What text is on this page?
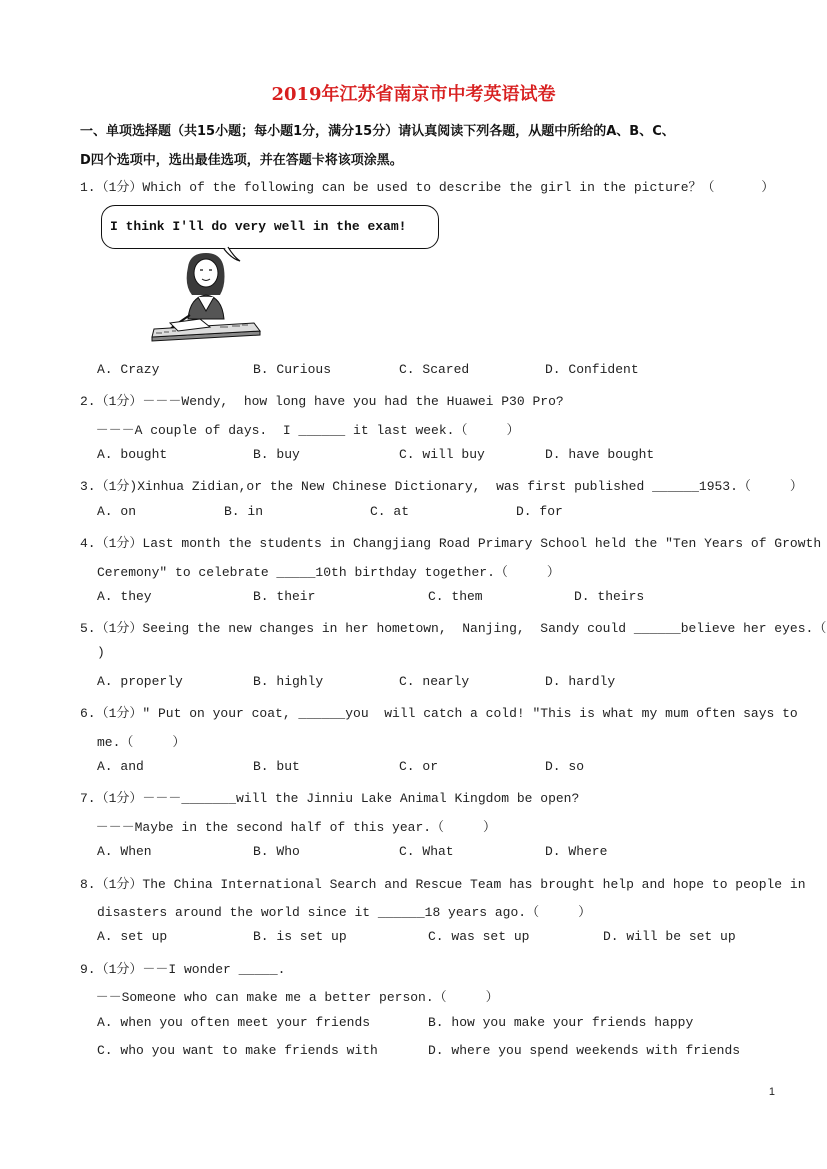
2019年江苏省南京市中考英语试卷
一、单项选择题（共15小题；每小题1分，满分15分）请认真阅读下列各题，从题中所给的A、B、C、
D四个选项中，选出最佳选项，并在答题卡将该项涂黑。
1.（1分）Which of the following can be used to describe the girl in the picture？（      ）
I think I'll do very well in the exam!
A. Crazy	B. Curious	C. Scared	D. Confident
2.（1分）－－－Wendy,  how long have you had the Huawei P30 Pro?
－－－A couple of days.  I ______ it last week.（     ）
A. bought	B. buy	C. will buy	D. have bought
3.（1分)Xinhua Zidian,or the New Chinese Dictionary,  was first published ______1953.（     ）
A. on	B. in	C. at	D. for
4.（1分）Last month the students in Changjiang Road Primary School held the "Ten Years of Growth
Ceremony" to celebrate _____10th birthday together.（     ）
A. they	B. their	C. them	D. theirs
5.（1分）Seeing the new changes in her hometown,  Nanjing,  Sandy could ______believe her eyes.（
)
A. properly	B. highly	C. nearly	D. hardly
6.（1分）" Put on your coat, ______you  will catch a cold! "This is what my mum often says to
me.（     ）
A. and	B. but	C. or	D. so
7.（1分）－－－_______will the Jinniu Lake Animal Kingdom be open?
－－－Maybe in the second half of this year.（     ）
A. When	B. Who	C. What	D. Where
8.（1分）The China International Search and Rescue Team has brought help and hope to people in
disasters around the world since it ______18 years ago.（     ）
A. set up	B. is set up	C. was set up	D. will be set up
9.（1分）－－I wonder _____.
－－Someone who can make me a better person.（     ）
A. when you often meet your friends	B. how you make your friends happy
C. who you want to make friends with	D. where you spend weekends with friends
1
